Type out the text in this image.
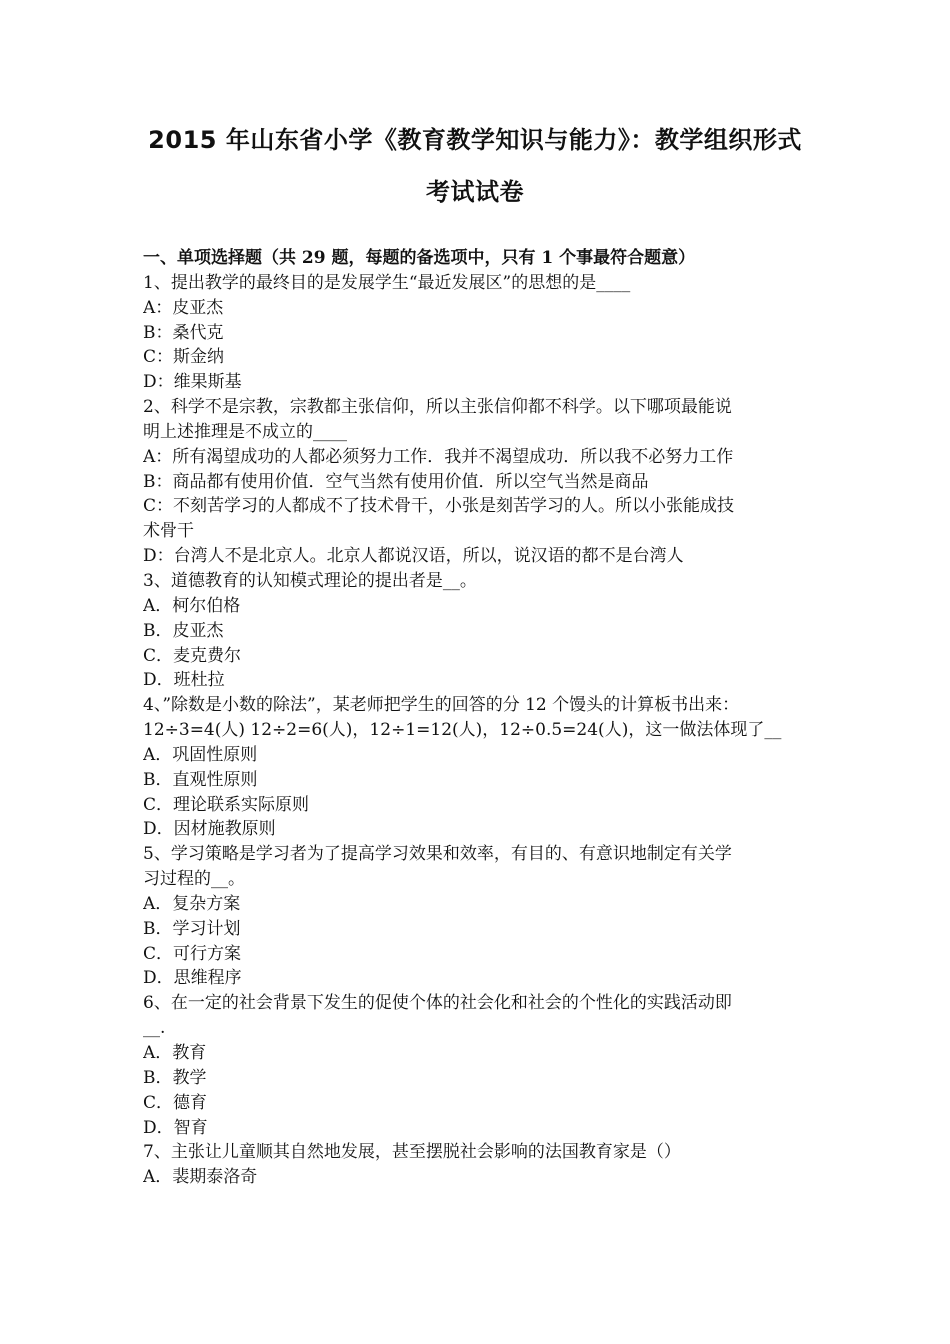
2015 年山东省小学《教育教学知识与能力》：教学组织形式
考试试卷
一、单项选择题（共 29 题，每题的备选项中，只有 1 个事最符合题意）
1、提出教学的最终目的是发展学生“最近发展区”的思想的是____
A：皮亚杰
B：桑代克
C：斯金纳
D：维果斯基
2、科学不是宗教，宗教都主张信仰，所以主张信仰都不科学。以下哪项最能说
明上述推理是不成立的____
A：所有渴望成功的人都必须努力工作．我并不渴望成功．所以我不必努力工作
B：商品都有使用价值．空气当然有使用价值．所以空气当然是商品
C：不刻苦学习的人都成不了技术骨干，小张是刻苦学习的人。所以小张能成技
术骨干
D：台湾人不是北京人。北京人都说汉语，所以，说汉语的都不是台湾人
3、道德教育的认知模式理论的提出者是__。
A．柯尔伯格
B．皮亚杰
C．麦克费尔
D．班杜拉
4、”除数是小数的除法”，某老师把学生的回答的分 12 个馒头的计算板书出来：
12÷3=4(人) 12÷2=6(人)，12÷1=12(人)，12÷0.5=24(人)，这一做法体现了__
A．巩固性原则
B．直观性原则
C．理论联系实际原则
D．因材施教原则
5、学习策略是学习者为了提高学习效果和效率，有目的、有意识地制定有关学
习过程的__。
A．复杂方案
B．学习计划
C．可行方案
D．思维程序
6、在一定的社会背景下发生的促使个体的社会化和社会的个性化的实践活动即
__.
A．教育
B．教学
C．德育
D．智育
7、主张让儿童顺其自然地发展，甚至摆脱社会影响的法国教育家是（）
A．裴期泰洛奇
